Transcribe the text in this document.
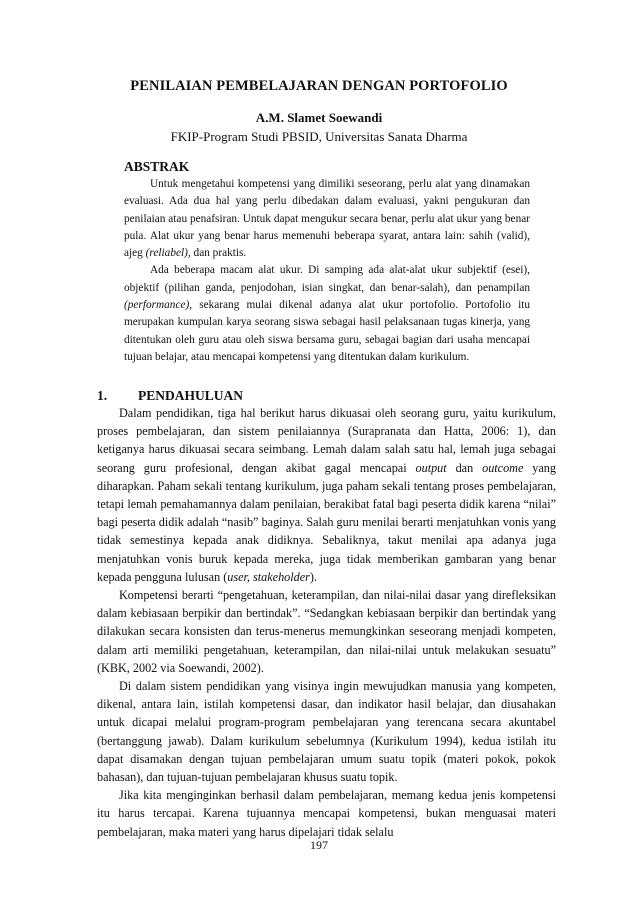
PENILAIAN PEMBELAJARAN DENGAN PORTOFOLIO
A.M. Slamet Soewandi
FKIP-Program Studi PBSID, Universitas Sanata Dharma
ABSTRAK

Untuk mengetahui kompetensi yang dimiliki seseorang, perlu alat yang dinamakan evaluasi. Ada dua hal yang perlu dibedakan dalam evaluasi, yakni pengukuran dan penilaian atau penafsiran. Untuk dapat mengukur secara benar, perlu alat ukur yang benar pula. Alat ukur yang benar harus memenuhi beberapa syarat, antara lain: sahih (valid), ajeg (reliabel), dan praktis.

Ada beberapa macam alat ukur. Di samping ada alat-alat ukur subjektif (esei), objektif (pilihan ganda, penjodohan, isian singkat, dan benar-salah), dan penampilan (performance), sekarang mulai dikenal adanya alat ukur portofolio. Portofolio itu merupakan kumpulan karya seorang siswa sebagai hasil pelaksanaan tugas kinerja, yang ditentukan oleh guru atau oleh siswa bersama guru, sebagai bagian dari usaha mencapai tujuan belajar, atau mencapai kompetensi yang ditentukan dalam kurikulum.

1. PENDAHULUAN

Dalam pendidikan, tiga hal berikut harus dikuasai oleh seorang guru, yaitu kurikulum, proses pembelajaran, dan sistem penilaiannya (Surapranata dan Hatta, 2006: 1), dan ketiganya harus dikuasai secara seimbang. Lemah dalam salah satu hal, lemah juga sebagai seorang guru profesional, dengan akibat gagal mencapai output dan outcome yang diharapkan. Paham sekali tentang kurikulum, juga paham sekali tentang proses pembelajaran, tetapi lemah pemahamannya dalam penilaian, berakibat fatal bagi peserta didik karena “nilai” bagi peserta didik adalah “nasib” baginya. Salah guru menilai berarti menjatuhkan vonis yang tidak semestinya kepada anak didiknya. Sebaliknya, takut menilai apa adanya juga menjatuhkan vonis buruk kepada mereka, juga tidak memberikan gambaran yang benar kepada pengguna lulusan (user, stakeholder).

Kompetensi berarti “pengetahuan, keterampilan, dan nilai-nilai dasar yang direfleksikan dalam kebiasaan berpikir dan bertindak”. “Sedangkan kebiasaan berpikir dan bertindak yang dilakukan secara konsisten dan terus-menerus memungkinkan seseorang menjadi kompeten, dalam arti memiliki pengetahuan, keterampilan, dan nilai-nilai untuk melakukan sesuatu” (KBK, 2002 via Soewandi, 2002).

Di dalam sistem pendidikan yang visinya ingin mewujudkan manusia yang kompeten, dikenal, antara lain, istilah kompetensi dasar, dan indikator hasil belajar, dan diusahakan untuk dicapai melalui program-program pembelajaran yang terencana secara akuntabel (bertanggung jawab). Dalam kurikulum sebelumnya (Kurikulum 1994), kedua istilah itu dapat disamakan dengan tujuan pembelajaran umum suatu topik (materi pokok, pokok bahasan), dan tujuan-tujuan pembelajaran khusus suatu topik.

Jika kita menginginkan berhasil dalam pembelajaran, memang kedua jenis kompetensi itu harus tercapai. Karena tujuannya mencapai kompetensi, bukan menguasai materi pembelajaran, maka materi yang harus dipelajari tidak selalu

197
